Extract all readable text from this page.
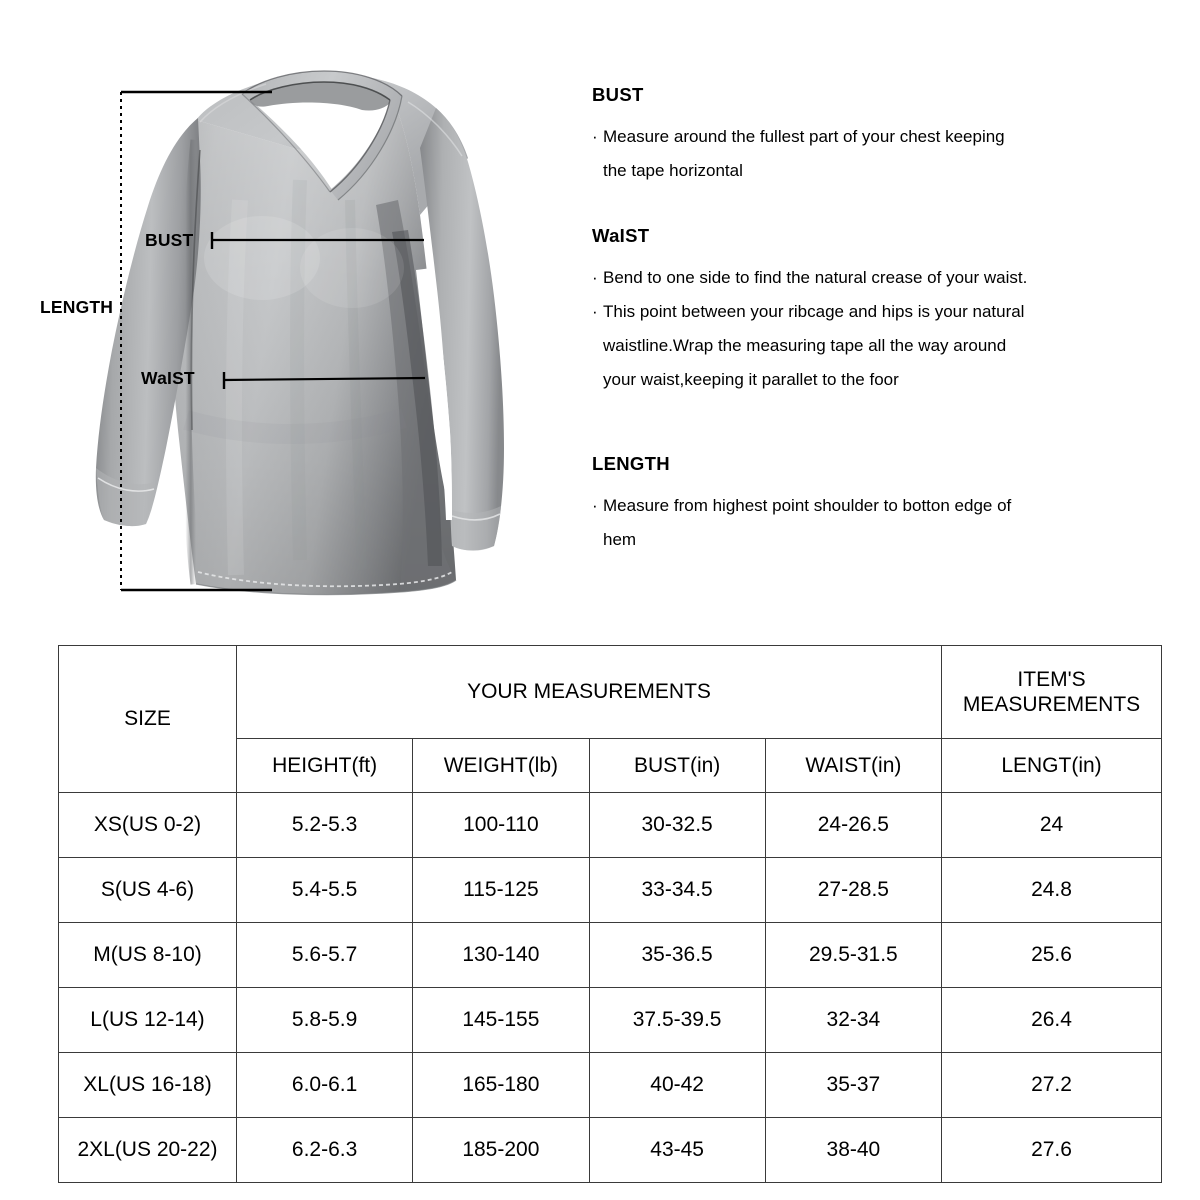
LENGTH
BUST
WaIST
BUST
· Measure around the fullest part of your chest keeping
the tape horizontal
WaIST
· Bend to one side to find the natural crease of your waist.
· This point between your ribcage and hips is your natural
waistline.Wrap the measuring tape all the way around
your waist,keeping it parallet to the foor
LENGTH
· Measure from highest point shoulder to botton edge of
hem
SIZE	YOUR MEASUREMENTS				ITEM'S
MEASUREMENTS
	HEIGHT(ft)	WEIGHT(lb)	BUST(in)	WAIST(in)	LENGT(in)
XS(US 0-2)	5.2-5.3	100-110	30-32.5	24-26.5	24
S(US 4-6)	5.4-5.5	115-125	33-34.5	27-28.5	24.8
M(US 8-10)	5.6-5.7	130-140	35-36.5	29.5-31.5	25.6
L(US 12-14)	5.8-5.9	145-155	37.5-39.5	32-34	26.4
XL(US 16-18)	6.0-6.1	165-180	40-42	35-37	27.2
2XL(US 20-22)	6.2-6.3	185-200	43-45	38-40	27.6
